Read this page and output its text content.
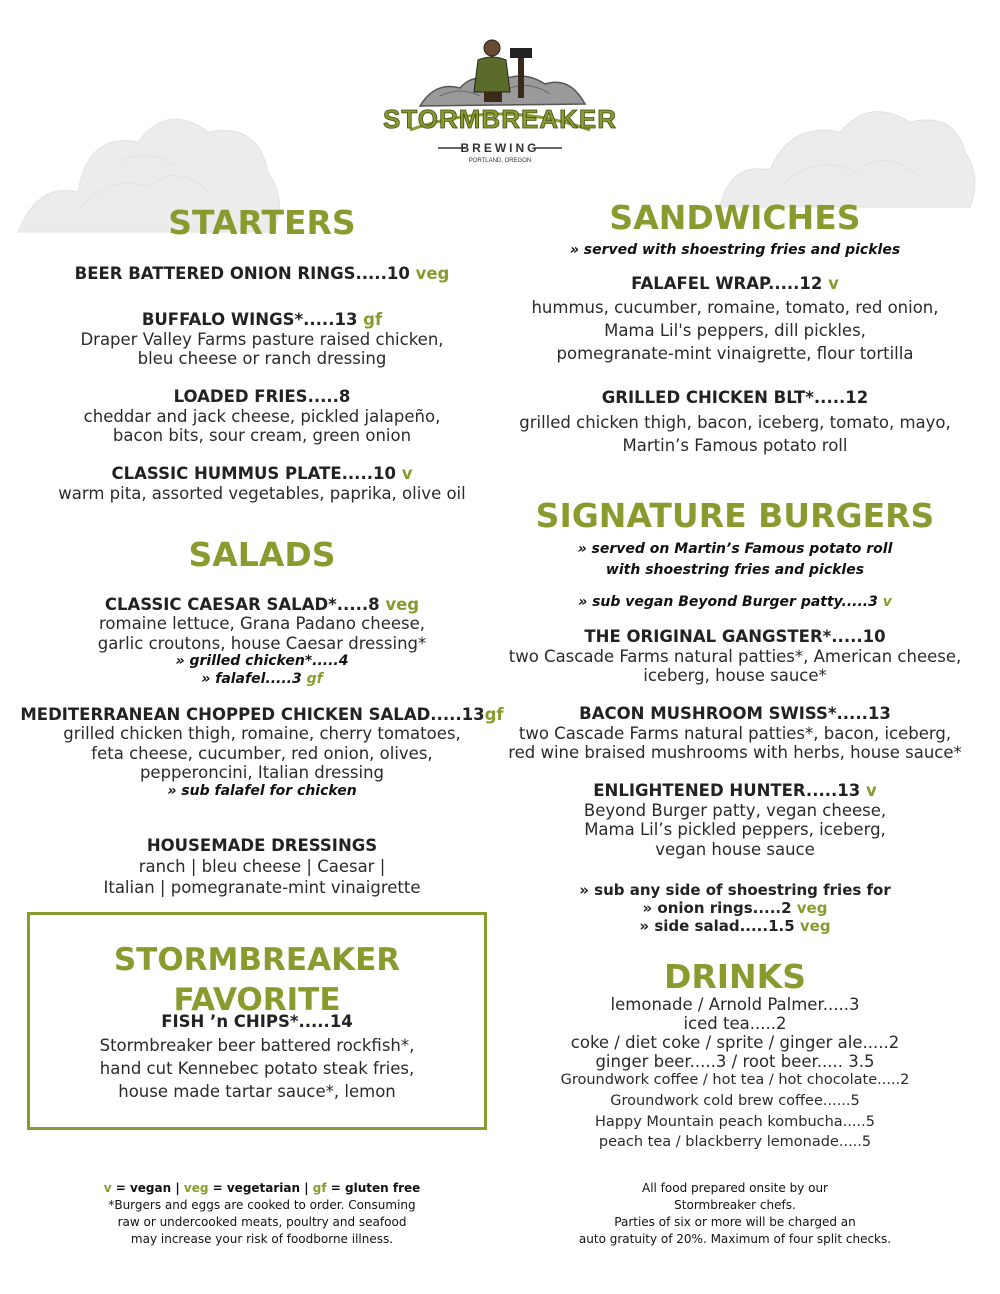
STORMBREAKER
BREWING
PORTLAND, OREGON
STARTERS
BEER BATTERED ONION RINGS.....10 veg
BUFFALO WINGS*.....13 gf
Draper Valley Farms pasture raised chicken,
bleu cheese or ranch dressing
LOADED FRIES.....8
cheddar and jack cheese, pickled jalapeño,
bacon bits, sour cream, green onion
CLASSIC HUMMUS PLATE.....10 v
warm pita, assorted vegetables, paprika, olive oil
SALADS
CLASSIC CAESAR SALAD*.....8 veg
romaine lettuce, Grana Padano cheese,
garlic croutons, house Caesar dressing*
» grilled chicken*.....4
» falafel.....3 gf
MEDITERRANEAN CHOPPED CHICKEN SALAD.....13gf
grilled chicken thigh, romaine, cherry tomatoes,
feta cheese, cucumber, red onion, olives,
pepperoncini, Italian dressing
» sub falafel for chicken
HOUSEMADE DRESSINGS
ranch | bleu cheese | Caesar |
Italian | pomegranate-mint vinaigrette
STORMBREAKER FAVORITE
FISH ’n CHIPS*.....14
Stormbreaker beer battered rockfish*,
hand cut Kennebec potato steak fries,
house made tartar sauce*, lemon
SANDWICHES
» served with shoestring fries and pickles
FALAFEL WRAP.....12 v
hummus, cucumber, romaine, tomato, red onion,
Mama Lil's peppers, dill pickles,
pomegranate-mint vinaigrette, flour tortilla
GRILLED CHICKEN BLT*.....12
grilled chicken thigh, bacon, iceberg, tomato, mayo,
Martin’s Famous potato roll
SIGNATURE BURGERS
» served on Martin’s Famous potato roll
with shoestring fries and pickles
» sub vegan Beyond Burger patty.....3 v
THE ORIGINAL GANGSTER*.....10
two Cascade Farms natural patties*, American cheese,
iceberg, house sauce*
BACON MUSHROOM SWISS*.....13
two Cascade Farms natural patties*, bacon, iceberg,
red wine braised mushrooms with herbs, house sauce*
ENLIGHTENED HUNTER.....13 v
Beyond Burger patty, vegan cheese,
Mama Lil’s pickled peppers, iceberg,
vegan house sauce
» sub any side of shoestring fries for
» onion rings.....2 veg
» side salad.....1.5 veg
DRINKS
lemonade / Arnold Palmer.....3
iced tea.....2
coke / diet coke / sprite / ginger ale.....2
ginger beer.....3 / root beer..... 3.5
Groundwork coffee / hot tea / hot chocolate.....2
Groundwork cold brew coffee......5
Happy Mountain peach kombucha.....5
peach tea / blackberry lemonade.....5
v = vegan | veg = vegetarian | gf = gluten free
*Burgers and eggs are cooked to order. Consuming
raw or undercooked meats, poultry and seafood
may increase your risk of foodborne illness.
All food prepared onsite by our
Stormbreaker chefs.
Parties of six or more will be charged an
auto gratuity of 20%. Maximum of four split checks.
